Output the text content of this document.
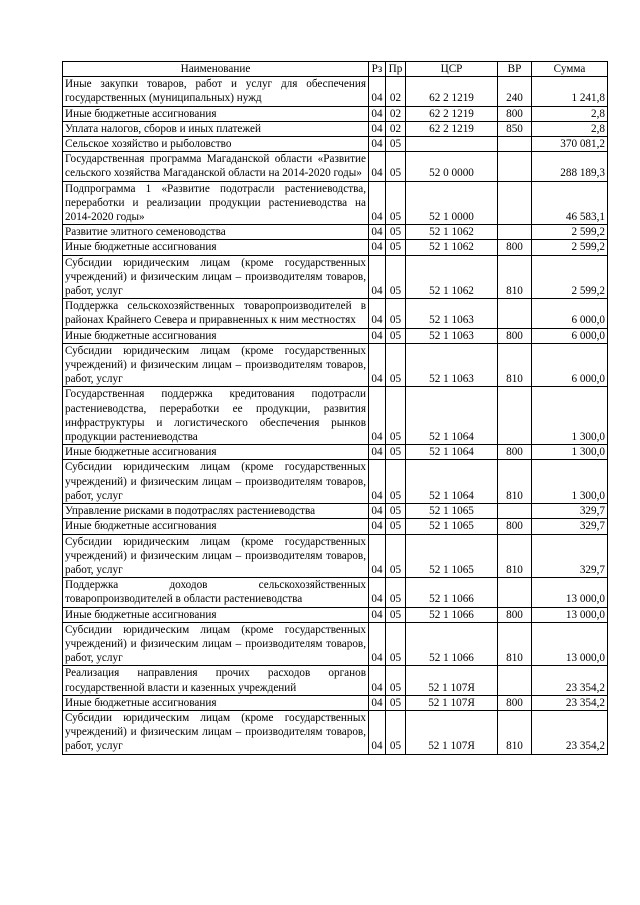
Наименование	Рз	Пр	ЦСР	ВР	Сумма
Иные закупки товаров, работ и услуг для обеспечения государственных (муниципальных) нужд	04	02	62 2 1219	240	1 241,8
Иные бюджетные ассигнования	04	02	62 2 1219	800	2,8
Уплата налогов, сборов и иных платежей	04	02	62 2 1219	850	2,8
Сельское хозяйство и рыболовство	04	05			370 081,2
Государственная программа Магаданской области «Развитие сельского хозяйства Магаданской области на 2014-2020 годы»	04	05	52 0 0000		288 189,3
Подпрограмма 1 «Развитие подотрасли растениеводства, переработки и реализации продукции растениеводства на 2014-2020 годы»	04	05	52 1 0000		46 583,1
Развитие элитного семеноводства	04	05	52 1 1062		2 599,2
Иные бюджетные ассигнования	04	05	52 1 1062	800	2 599,2
Субсидии юридическим лицам (кроме государственных учреждений) и физическим лицам – производителям товаров, работ, услуг	04	05	52 1 1062	810	2 599,2
Поддержка сельскохозяйственных товаропроизводителей в районах Крайнего Севера и приравненных к ним местностях	04	05	52 1 1063		6 000,0
Иные бюджетные ассигнования	04	05	52 1 1063	800	6 000,0
Субсидии юридическим лицам (кроме государственных учреждений) и физическим лицам – производителям товаров, работ, услуг	04	05	52 1 1063	810	6 000,0
Государственная поддержка кредитования подотрасли растениеводства, переработки ее продукции, развития инфраструктуры и логистического обеспечения рынков продукции растениеводства	04	05	52 1 1064		1 300,0
Иные бюджетные ассигнования	04	05	52 1 1064	800	1 300,0
Субсидии юридическим лицам (кроме государственных учреждений) и физическим лицам – производителям товаров, работ, услуг	04	05	52 1 1064	810	1 300,0
Управление рисками в подотраслях растениеводства	04	05	52 1 1065		329,7
Иные бюджетные ассигнования	04	05	52 1 1065	800	329,7
Субсидии юридическим лицам (кроме государственных учреждений) и физическим лицам – производителям товаров, работ, услуг	04	05	52 1 1065	810	329,7
Поддержка доходов сельскохозяйственных товаропроизводителей в области растениеводства	04	05	52 1 1066		13 000,0
Иные бюджетные ассигнования	04	05	52 1 1066	800	13 000,0
Субсидии юридическим лицам (кроме государственных учреждений) и физическим лицам – производителям товаров, работ, услуг	04	05	52 1 1066	810	13 000,0
Реализация направления прочих расходов органов государственной власти и казенных учреждений	04	05	52 1 107Я		23 354,2
Иные бюджетные ассигнования	04	05	52 1 107Я	800	23 354,2
Субсидии юридическим лицам (кроме государственных учреждений) и физическим лицам – производителям товаров, работ, услуг	04	05	52 1 107Я	810	23 354,2
